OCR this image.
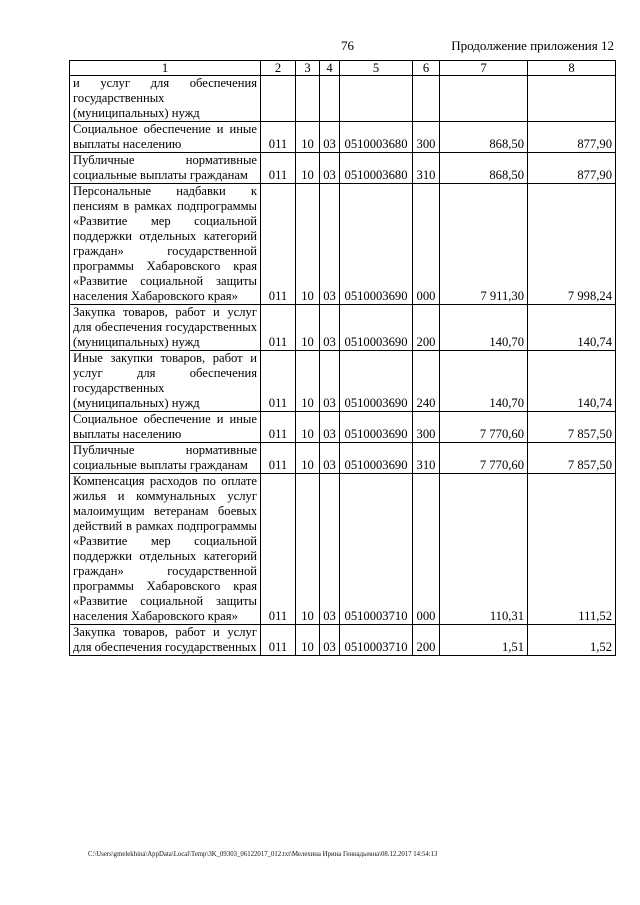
76	Продолжение приложения 12
1	2	3	4	5	6	7	8
и услуг для обеспечения государственных (муниципальных) нужд							
Социальное обеспечение и иные выплаты населению	011	10	03	0510003680	300	868,50	877,90
Публичные нормативные социальные выплаты гражданам	011	10	03	0510003680	310	868,50	877,90
Персональные надбавки к пенсиям в рамках подпрограммы «Развитие мер социальной поддержки отдельных категорий граждан» государственной программы Хабаровского края «Развитие социальной защиты населения Хабаровского края»	011	10	03	0510003690	000	7 911,30	7 998,24
Закупка товаров, работ и услуг для обеспечения государственных (муниципальных) нужд	011	10	03	0510003690	200	140,70	140,74
Иные закупки товаров, работ и услуг для обеспечения государственных (муниципальных) нужд	011	10	03	0510003690	240	140,70	140,74
Социальное обеспечение и иные выплаты населению	011	10	03	0510003690	300	7 770,60	7 857,50
Публичные нормативные социальные выплаты гражданам	011	10	03	0510003690	310	7 770,60	7 857,50
Компенсация расходов по оплате жилья и коммунальных услуг малоимущим ветеранам боевых действий в рамках подпрограммы «Развитие мер социальной поддержки отдельных категорий граждан» государственной программы Хабаровского края «Развитие социальной защиты населения Хабаровского края»	011	10	03	0510003710	000	110,31	111,52
Закупка товаров, работ и услуг для обеспечения государственных	011	10	03	0510003710	200	1,51	1,52
C:\Users\gmelekhina\AppData\Local\Temp\3K_09303_06122017_012.txt\Мелехина Ирина Геннадьевна\08.12.2017 14:54:13
